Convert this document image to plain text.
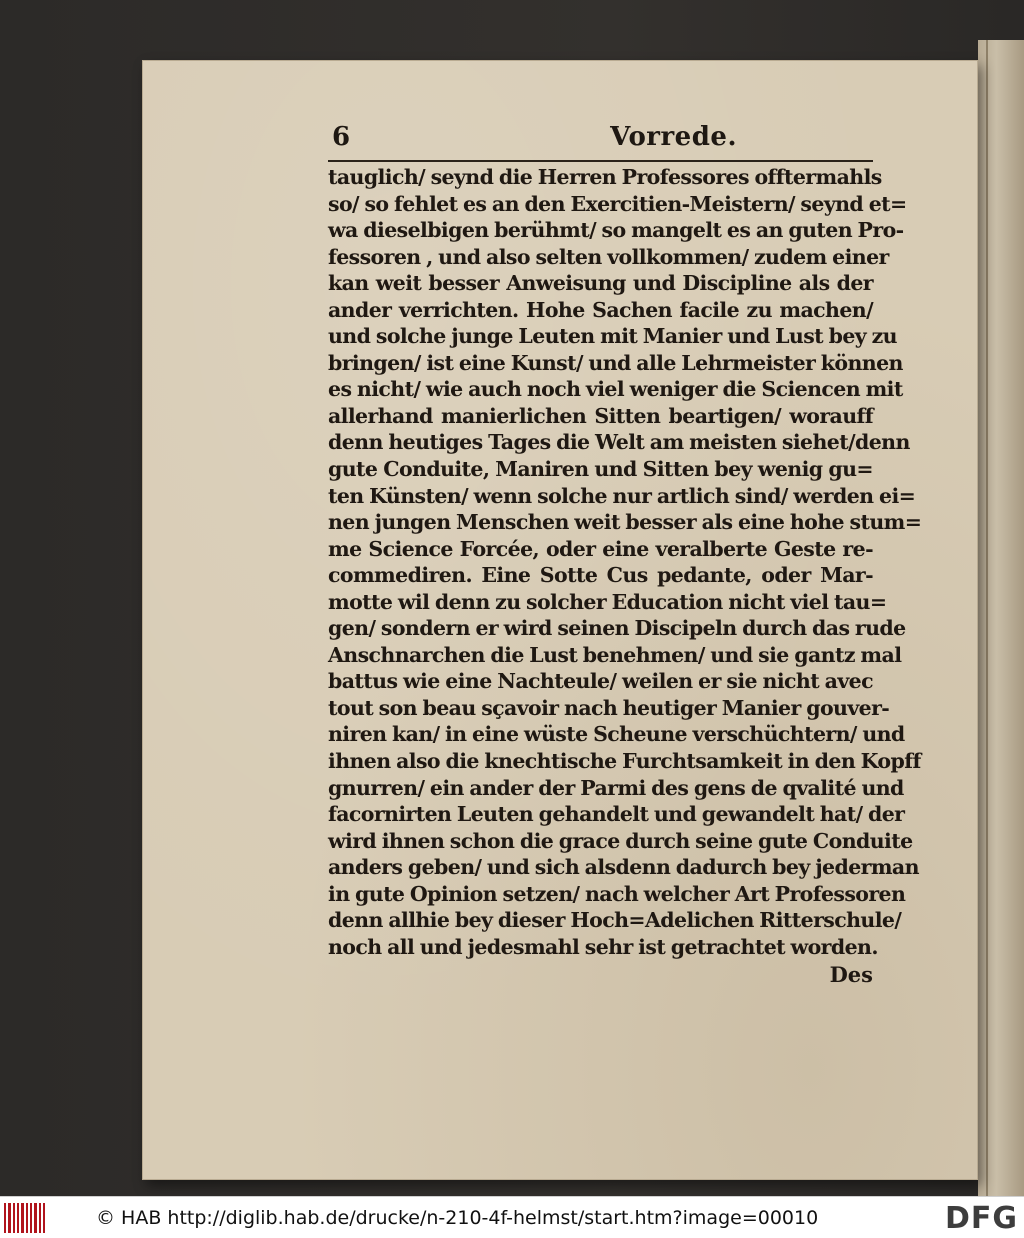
6	Vorrede.
tauglich/ seynd die Herren Professores offtermahls
so/ so fehlet es an den Exercitien-Meistern/ seynd et=
wa dieselbigen berühmt/ so mangelt es an guten Pro-
fessoren , und also selten vollkommen/ zudem einer
kan weit besser Anweisung und Discipline als der
ander verrichten. Hohe Sachen facile zu machen/
und solche junge Leuten mit Manier und Lust bey zu
bringen/ ist eine Kunst/ und alle Lehrmeister können
es nicht/ wie auch noch viel weniger die Sciencen mit
allerhand manierlichen Sitten beartigen/ worauff
denn heutiges Tages die Welt am meisten siehet/denn
gute Conduite, Maniren und Sitten bey wenig gu=
ten Künsten/ wenn solche nur artlich sind/ werden ei=
nen jungen Menschen weit besser als eine hohe stum=
me Science Forcée, oder eine veralberte Geste re-
commediren. Eine Sotte Cus pedante, oder Mar-
motte wil denn zu solcher Education nicht viel tau=
gen/ sondern er wird seinen Discipeln durch das rude
Anschnarchen die Lust benehmen/ und sie gantz mal
battus wie eine Nachteule/ weilen er sie nicht avec
tout son beau sçavoir nach heutiger Manier gouver-
niren kan/ in eine wüste Scheune verschüchtern/ und
ihnen also die knechtische Furchtsamkeit in den Kopff
gnurren/ ein ander der Parmi des gens de qvalité und
facornirten Leuten gehandelt und gewandelt hat/ der
wird ihnen schon die grace durch seine gute Conduite
anders geben/ und sich alsdenn dadurch bey jederman
in gute Opinion setzen/ nach welcher Art Professoren
denn allhie bey dieser Hoch=Adelichen Ritterschule/
noch all und jedesmahl sehr ist getrachtet worden.
Des
© HAB http://diglib.hab.de/drucke/n-210-4f-helmst/start.htm?image=00010	DFG
